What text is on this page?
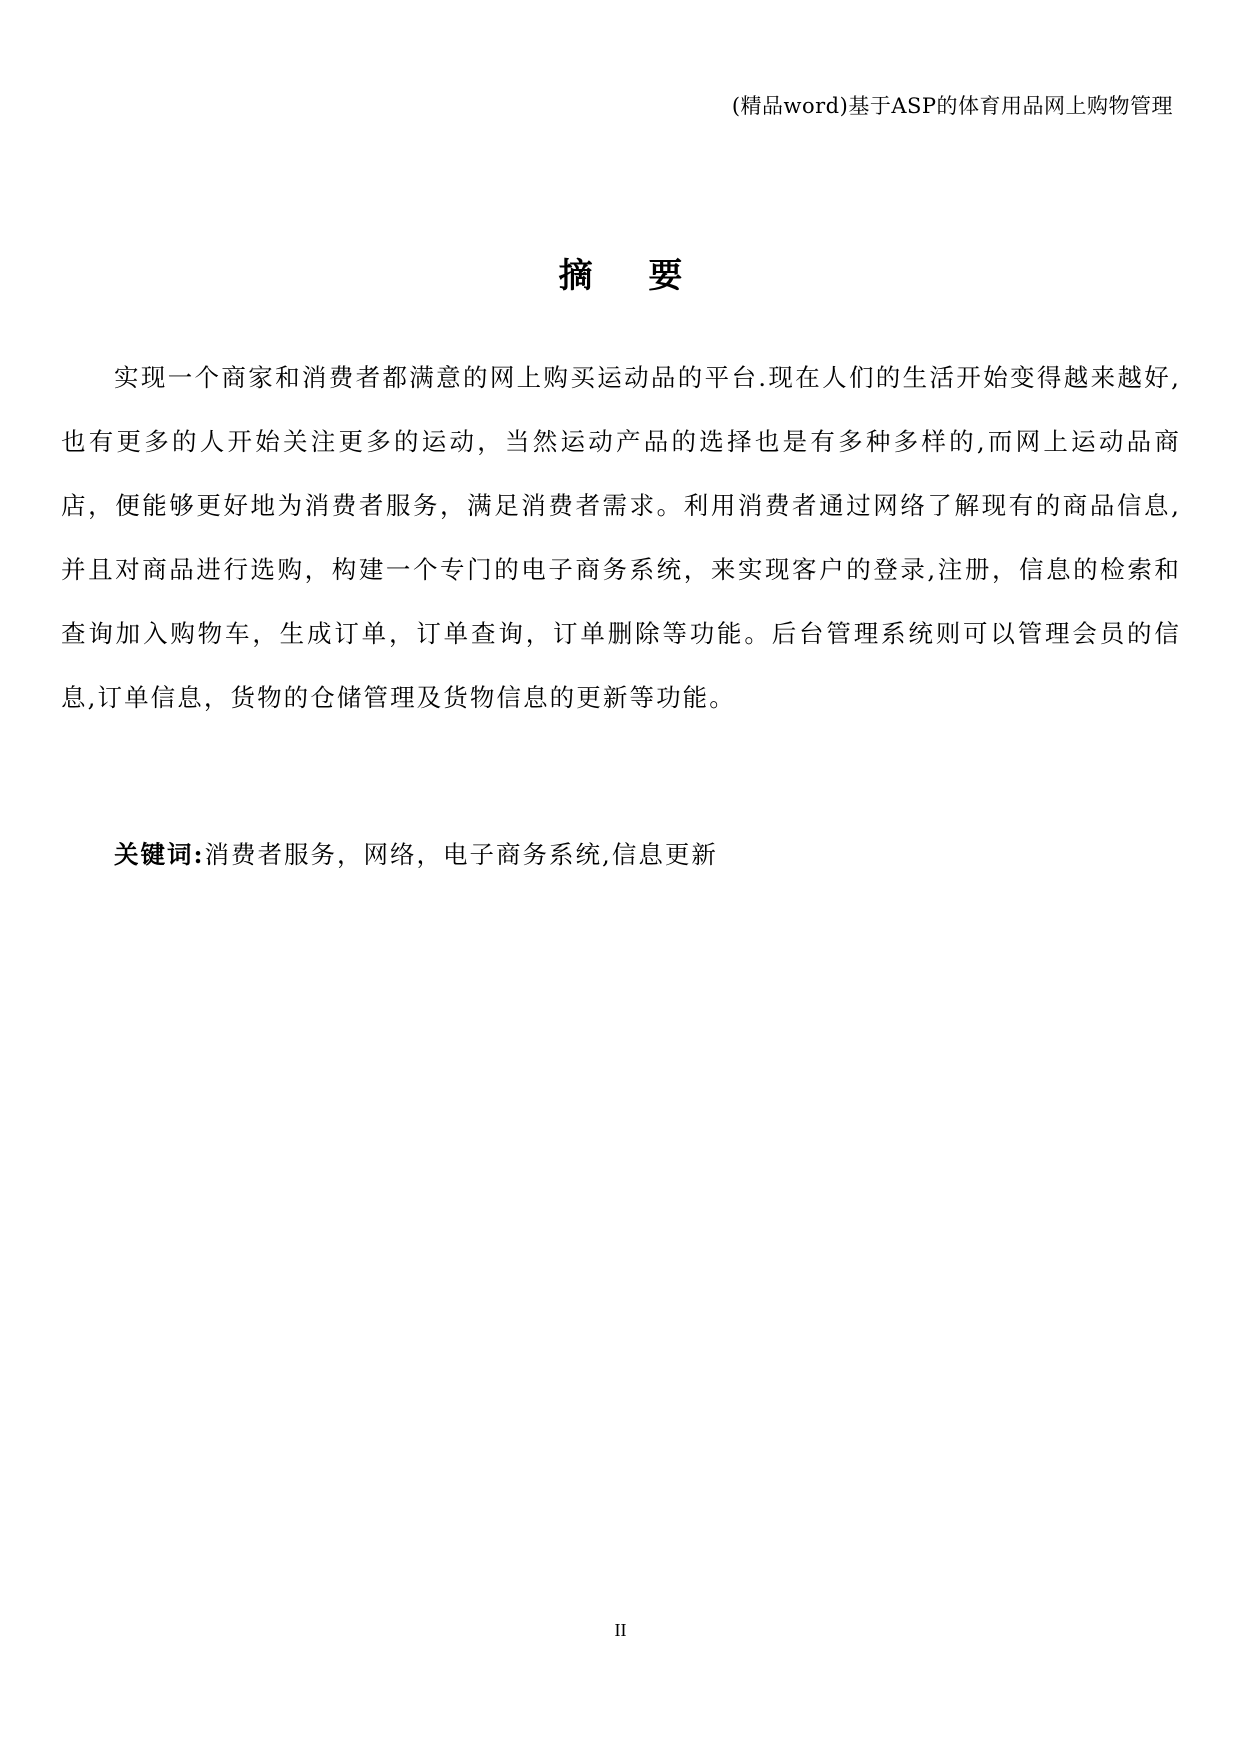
(精品word)基于ASP的体育用品网上购物管理
摘 要

实现一个商家和消费者都满意的网上购买运动品的平台.现在人们的生活开始变得越来越好,也有更多的人开始关注更多的运动，当然运动产品的选择也是有多种多样的,而网上运动品商店，便能够更好地为消费者服务，满足消费者需求。利用消费者通过网络了解现有的商品信息,并且对商品进行选购，构建一个专门的电子商务系统，来实现客户的登录,注册，信息的检索和查询加入购物车，生成订单，订单查询，订单删除等功能。后台管理系统则可以管理会员的信息,订单信息，货物的仓储管理及货物信息的更新等功能。

关键词:消费者服务，网络，电子商务系统,信息更新
II
